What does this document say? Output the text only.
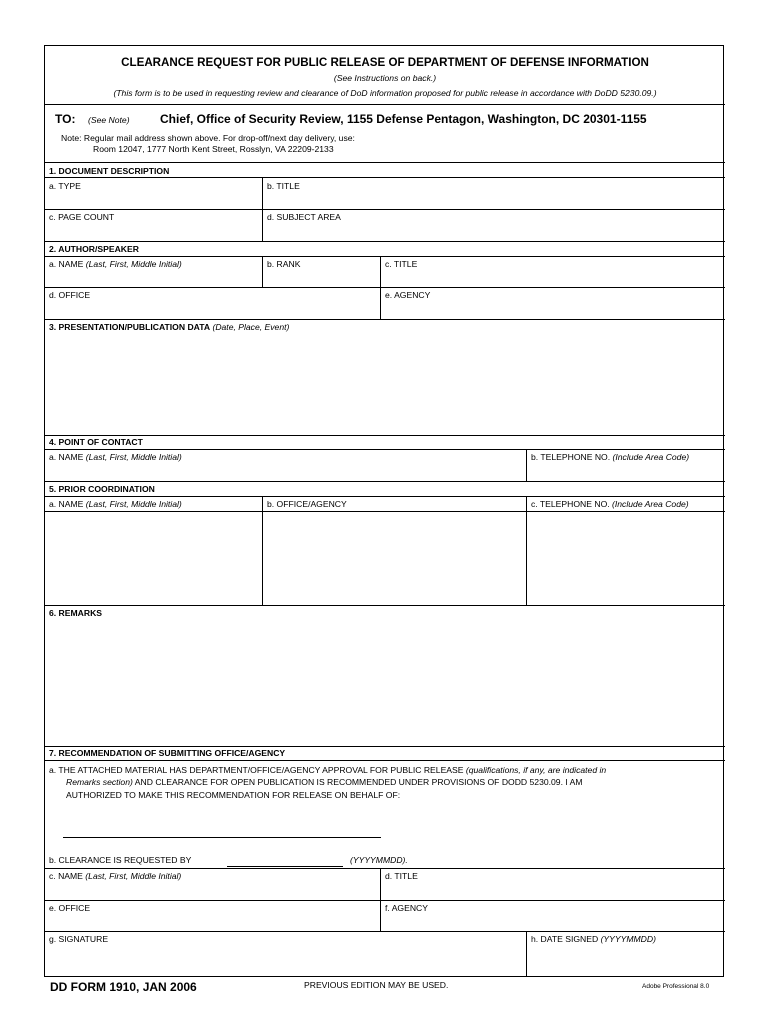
CLEARANCE REQUEST FOR PUBLIC RELEASE OF DEPARTMENT OF DEFENSE INFORMATION
(See Instructions on back.)
(This form is to be used in requesting review and clearance of DoD information proposed for public release in accordance with DoDD 5230.09.)
TO: (See Note)	Chief, Office of Security Review, 1155 Defense Pentagon, Washington, DC 20301-1155
Note: Regular mail address shown above. For drop-off/next day delivery, use:
Room 12047, 1777 North Kent Street, Rosslyn, VA 22209-2133
1. DOCUMENT DESCRIPTION
a. TYPE	b. TITLE
c. PAGE COUNT	d. SUBJECT AREA
2. AUTHOR/SPEAKER
a. NAME (Last, First, Middle Initial)	b. RANK	c. TITLE
d. OFFICE	e. AGENCY
3. PRESENTATION/PUBLICATION DATA (Date, Place, Event)
4. POINT OF CONTACT
a. NAME (Last, First, Middle Initial)	b. TELEPHONE NO. (Include Area Code)
5. PRIOR COORDINATION
a. NAME (Last, First, Middle Initial)	b. OFFICE/AGENCY	c. TELEPHONE NO. (Include Area Code)
6. REMARKS
7. RECOMMENDATION OF SUBMITTING OFFICE/AGENCY
a. THE ATTACHED MATERIAL HAS DEPARTMENT/OFFICE/AGENCY APPROVAL FOR PUBLIC RELEASE (qualifications, if any, are indicated in
Remarks section) AND CLEARANCE FOR OPEN PUBLICATION IS RECOMMENDED UNDER PROVISIONS OF DODD 5230.09. I AM
AUTHORIZED TO MAKE THIS RECOMMENDATION FOR RELEASE ON BEHALF OF:
b. CLEARANCE IS REQUESTED BY	(YYYYMMDD).
c. NAME (Last, First, Middle Initial)	d. TITLE
e. OFFICE	f. AGENCY
g. SIGNATURE	h. DATE SIGNED (YYYYMMDD)
DD FORM 1910, JAN 2006	PREVIOUS EDITION MAY BE USED.	Adobe Professional 8.0
